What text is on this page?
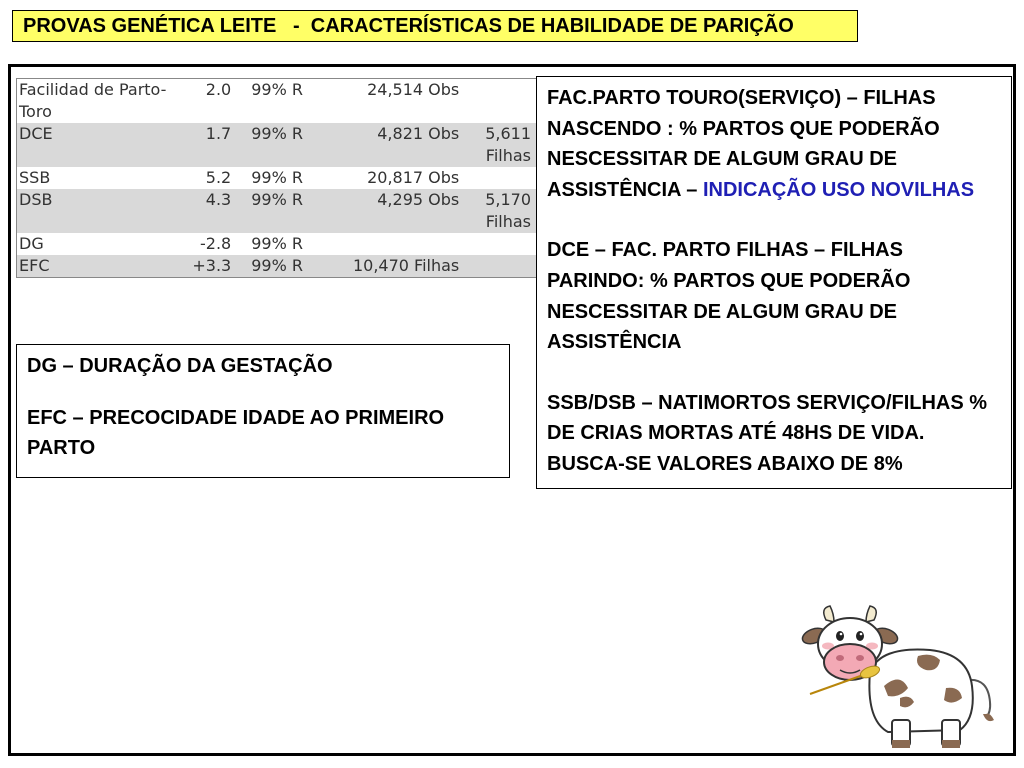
PROVAS GENÉTICA LEITE   -  CARACTERÍSTICAS DE HABILIDADE DE PARIÇÃO
Facilidad de Parto-Toro	2.0	99% R	24,514 Obs	
DCE	1.7	99% R	4,821 Obs	5,611 Filhas
SSB	5.2	99% R	20,817 Obs	
DSB	4.3	99% R	4,295 Obs	5,170 Filhas
DG	-2.8	99% R		
EFC	+3.3	99% R	10,470 Filhas	

DG – DURAÇÃO DA GESTAÇÃO

EFC – PRECOCIDADE IDADE AO PRIMEIRO PARTO

FAC.PARTO TOURO(SERVIÇO) – FILHAS NASCENDO : % PARTOS QUE PODERÃO NESCESSITAR DE ALGUM GRAU DE ASSISTÊNCIA – INDICAÇÃO USO NOVILHAS

DCE – FAC. PARTO FILHAS – FILHAS PARINDO: % PARTOS QUE PODERÃO NESCESSITAR DE ALGUM GRAU DE ASSISTÊNCIA

SSB/DSB – NATIMORTOS SERVIÇO/FILHAS % DE CRIAS MORTAS ATÉ 48HS DE VIDA. BUSCA-SE VALORES ABAIXO DE 8%
